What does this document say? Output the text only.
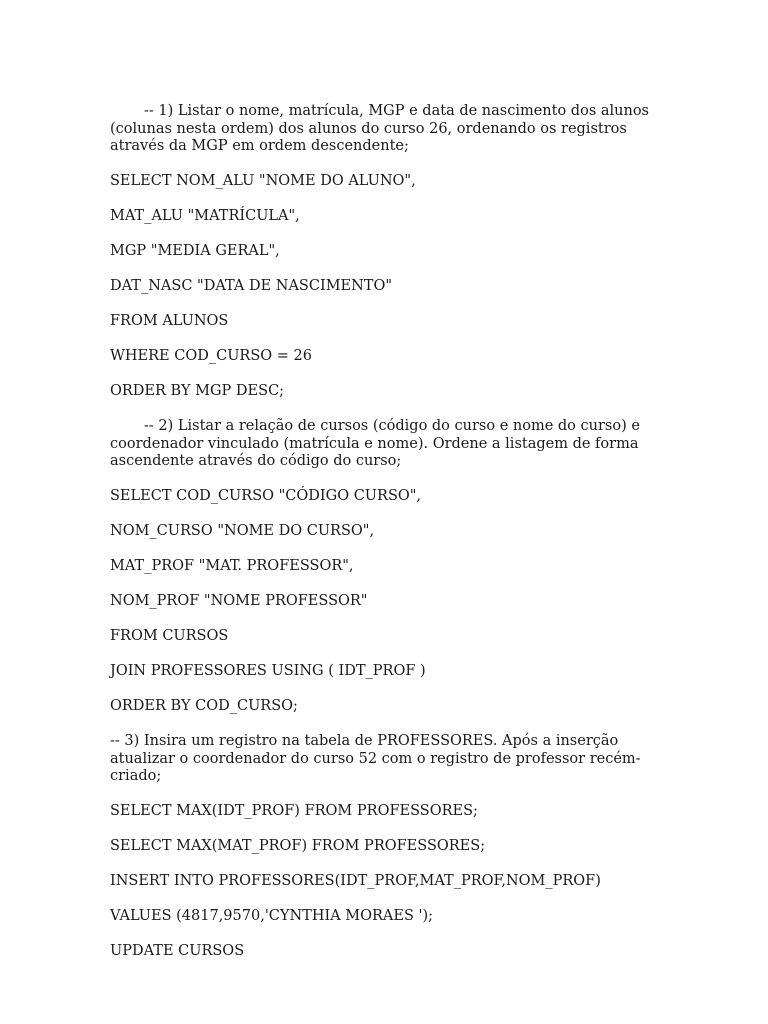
-- 1) Listar o nome, matrícula, MGP e data de nascimento dos alunos (colunas nesta ordem) dos alunos do curso 26, ordenando os registros através da MGP em ordem descendente;

SELECT NOM_ALU "NOME DO ALUNO",

MAT_ALU "MATRÍCULA",

MGP "MEDIA GERAL",

DAT_NASC "DATA DE NASCIMENTO"

FROM ALUNOS

WHERE COD_CURSO = 26

ORDER BY MGP DESC;

-- 2) Listar a relação de cursos (código do curso e nome do curso) e coordenador vinculado (matrícula e nome). Ordene a listagem de forma ascendente através do código do curso;

SELECT COD_CURSO "CÓDIGO CURSO",

NOM_CURSO "NOME DO CURSO",

MAT_PROF "MAT. PROFESSOR",

NOM_PROF "NOME PROFESSOR"

FROM CURSOS

JOIN PROFESSORES USING ( IDT_PROF )

ORDER BY COD_CURSO;

-- 3) Insira um registro na tabela de PROFESSORES. Após a inserção atualizar o coordenador do curso 52 com o registro de professor recém-criado;

SELECT MAX(IDT_PROF) FROM PROFESSORES;

SELECT MAX(MAT_PROF) FROM PROFESSORES;

INSERT INTO PROFESSORES(IDT_PROF,MAT_PROF,NOM_PROF)

VALUES (4817,9570,'CYNTHIA MORAES ');

UPDATE CURSOS
